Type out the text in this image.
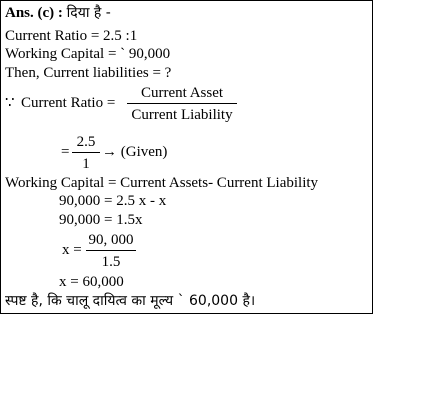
Ans. (c) : दिया है -
Current Ratio = 2.5 :1
Working Capital = ` 90,000
Then, Current liabilities = ?
∵ Current Ratio =
Current Asset
Current Liability
=
2.5
1
→ (Given)
Working Capital = Current Assets- Current Liability
90,000 = 2.5 x - x
90,000 = 1.5x
x =
90, 000
1.5
x = 60,000
स्पष्ट है, कि चालू दायित्व का मूल्य ` 60,000 है।
